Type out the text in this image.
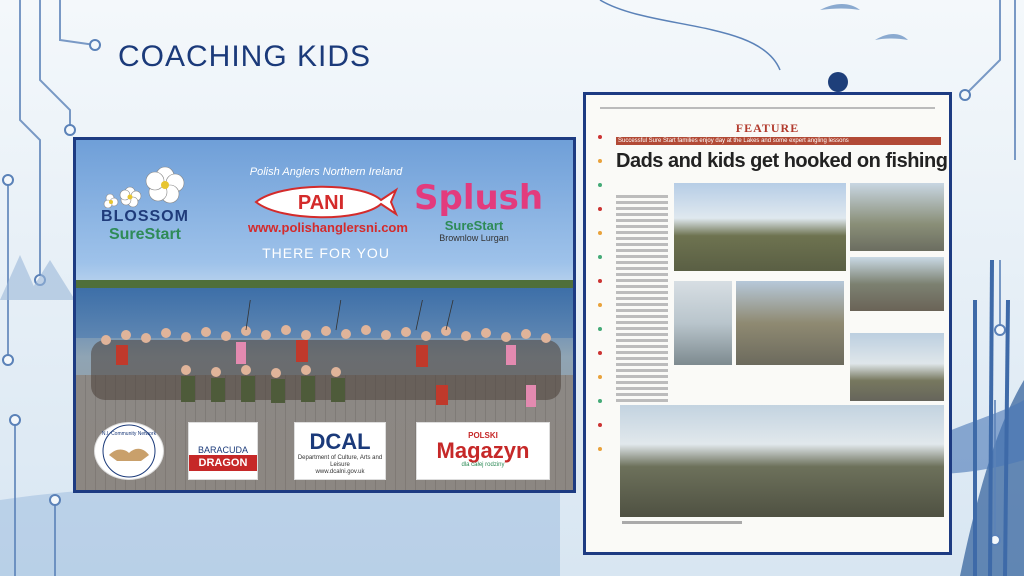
COACHING KIDS
BLOSSOM
SureStart
Polish Anglers Northern Ireland
PANI
www.polishanglersni.com
THERE FOR YOU
Splush
SureStart
Brownlow Lurgan
N.I. Community Network
BARACUDA
DRAGON
DCAL
Department of Culture, Arts and Leisure
www.dcalni.gov.uk
POLSKI
Magazyn
dla całej rodziny
FEATURE
Successful Sure Start families enjoy day at the Lakes and some expert angling lessons
Dads and kids get hooked on fishing
